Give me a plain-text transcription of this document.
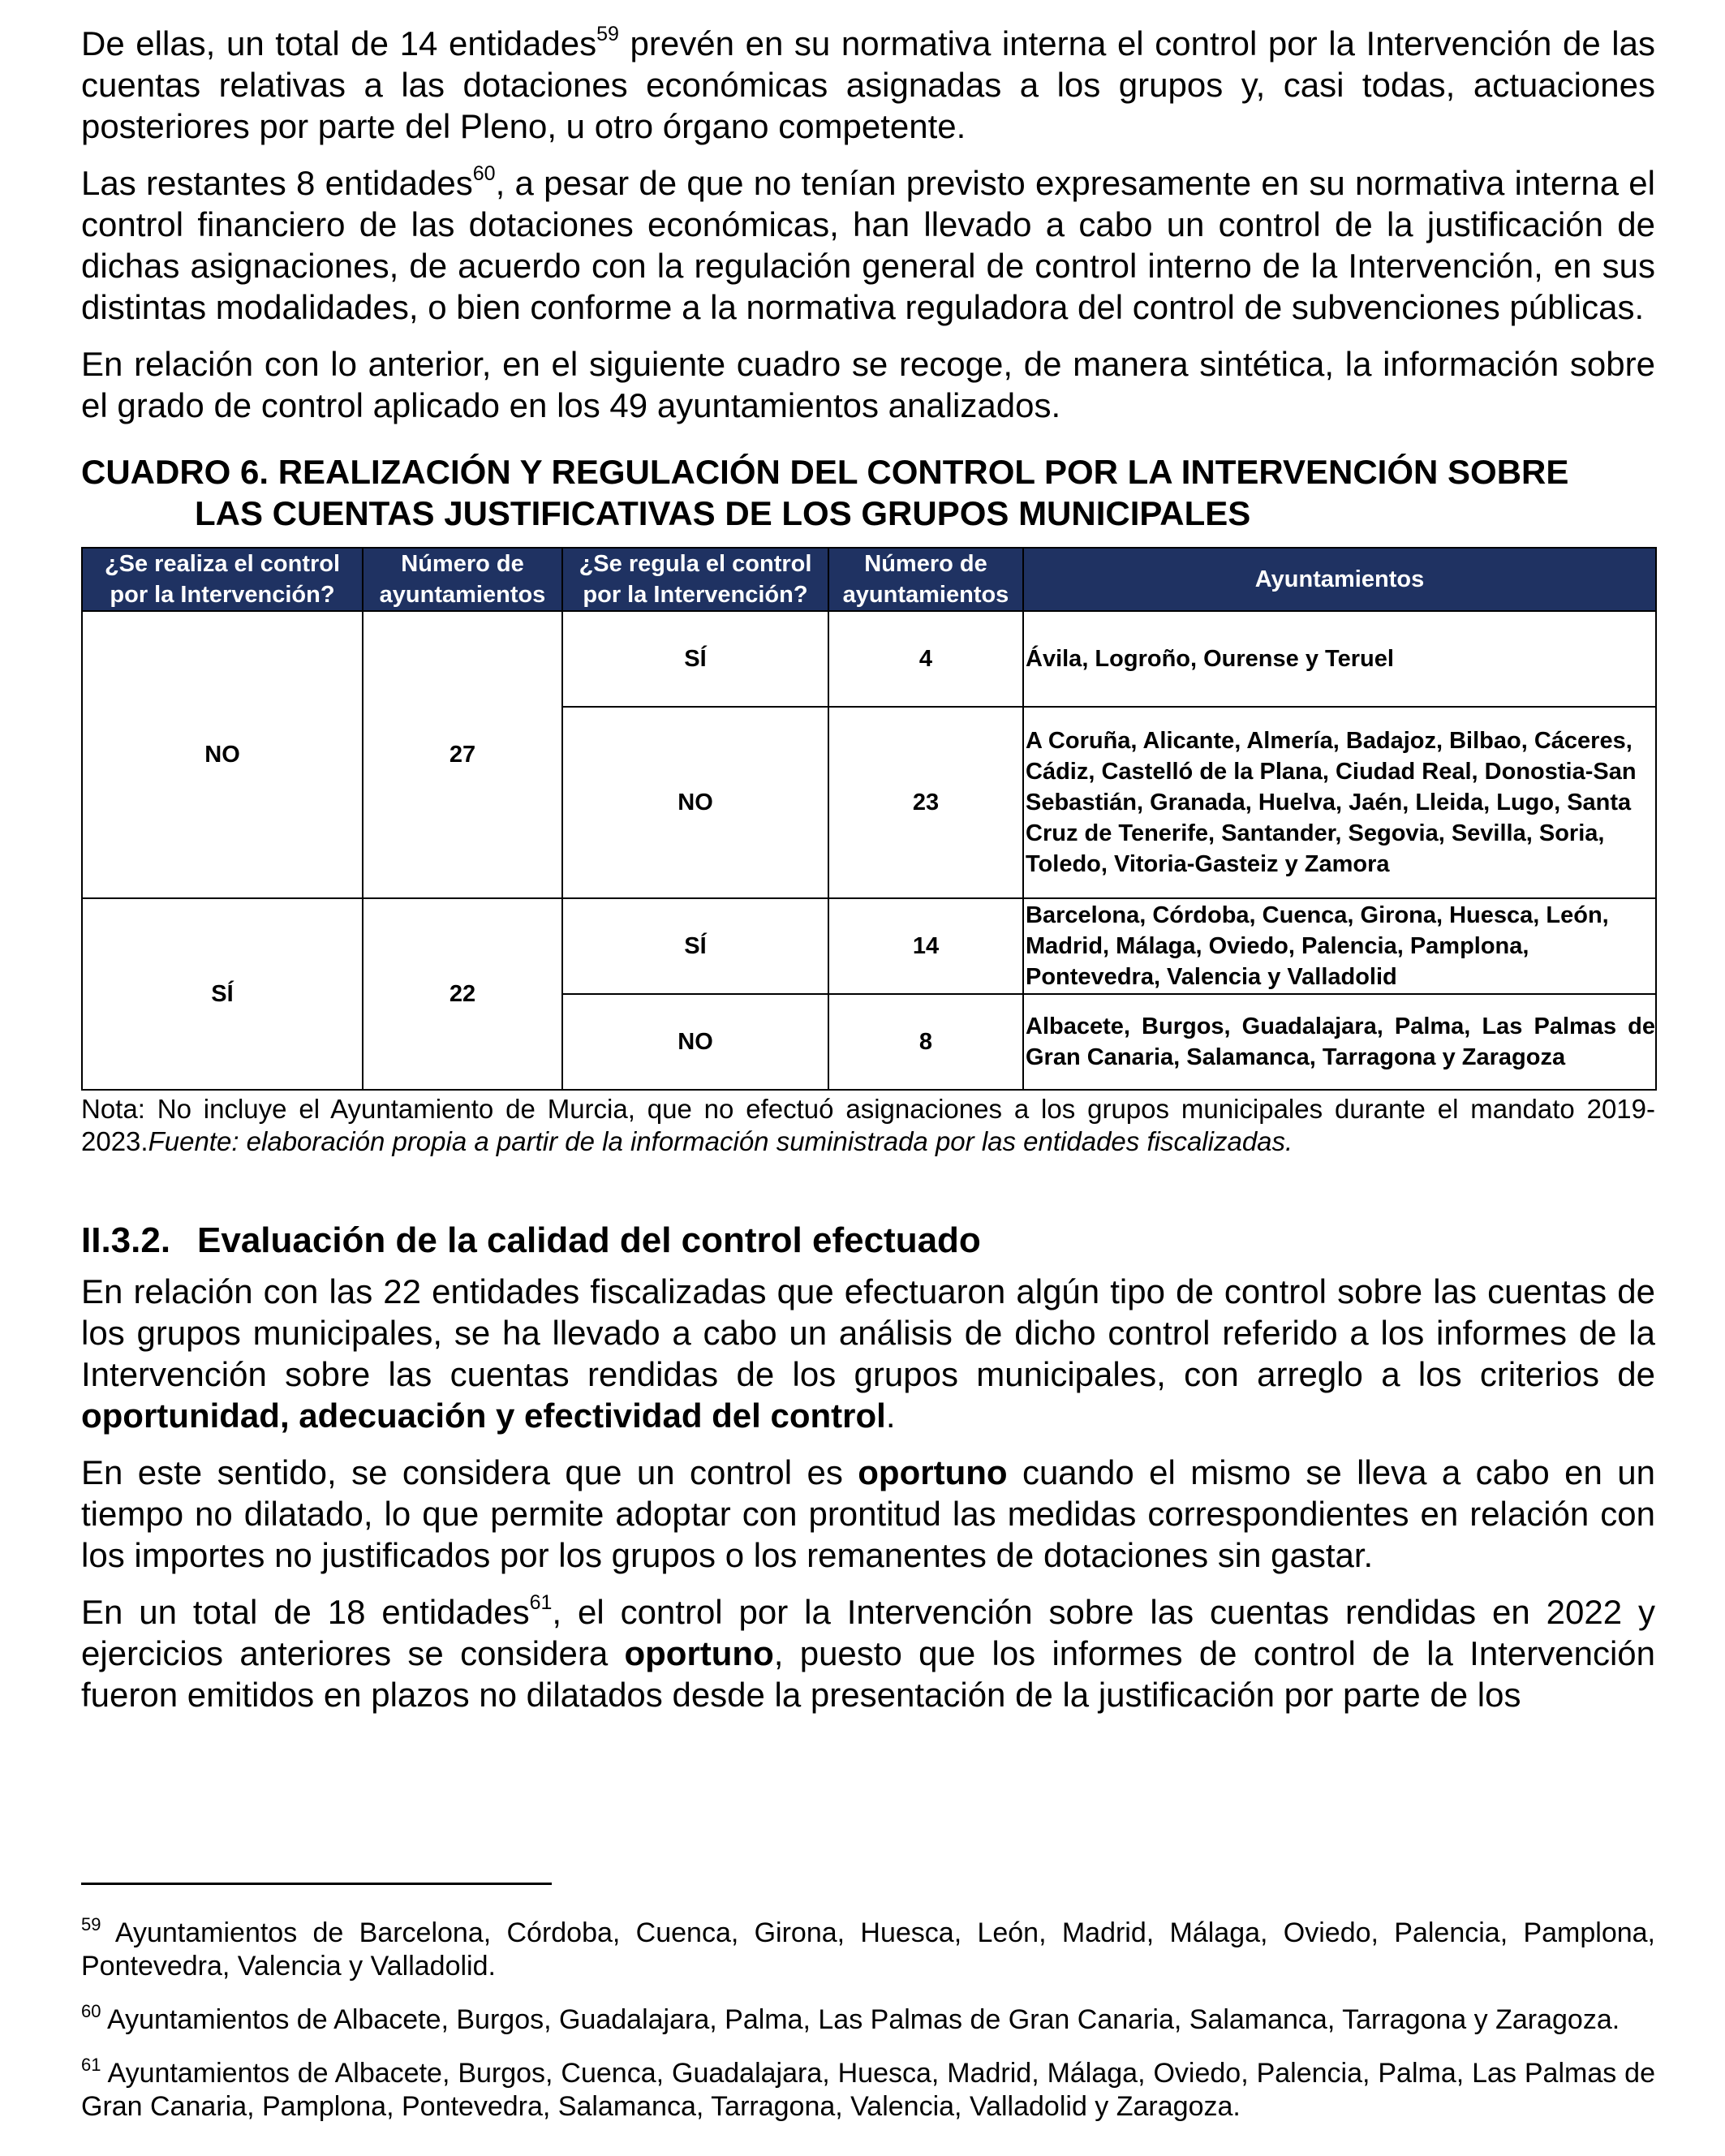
De ellas, un total de 14 entidades$^{59}$ prevén en su normativa interna el control por la Intervención de las cuentas relativas a las dotaciones económicas asignadas a los grupos y, casi todas, actuaciones posteriores por parte del Pleno, u otro órgano competente.

Las restantes 8 entidades$^{60}$, a pesar de que no tenían previsto expresamente en su normativa interna el control financiero de las dotaciones económicas, han llevado a cabo un control de la justificación de dichas asignaciones, de acuerdo con la regulación general de control interno de la Intervención, en sus distintas modalidades, o bien conforme a la normativa reguladora del control de subvenciones públicas.

En relación con lo anterior, en el siguiente cuadro se recoge, de manera sintética, la información sobre el grado de control aplicado en los 49 ayuntamientos analizados.

CUADRO 6. REALIZACIÓN Y REGULACIÓN DEL CONTROL POR LA INTERVENCIÓN SOBRE
LAS CUENTAS JUSTIFICATIVAS DE LOS GRUPOS MUNICIPALES
¿Se realiza el control por la Intervención?	Número de ayuntamientos	¿Se regula el control por la Intervención?	Número de ayuntamientos	Ayuntamientos
NO	27	SÍ	4	Ávila, Logroño, Ourense y Teruel
		NO	23	A Coruña, Alicante, Almería, Badajoz, Bilbao, Cáceres, Cádiz, Castelló de la Plana, Ciudad Real, Donostia-San Sebastián, Granada, Huelva, Jaén, Lleida, Lugo, Santa Cruz de Tenerife, Santander, Segovia, Sevilla, Soria, Toledo, Vitoria-Gasteiz y Zamora
SÍ	22	SÍ	14	Barcelona, Córdoba, Cuenca, Girona, Huesca, León, Madrid, Málaga, Oviedo, Palencia, Pamplona, Pontevedra, Valencia y Valladolid
		NO	8	Albacete, Burgos, Guadalajara, Palma, Las Palmas de Gran Canaria, Salamanca, Tarragona y Zaragoza
Nota: No incluye el Ayuntamiento de Murcia, que no efectuó asignaciones a los grupos municipales durante el mandato 2019-2023.Fuente: elaboración propia a partir de la información suministrada por las entidades fiscalizadas.
II.3.2. Evaluación de la calidad del control efectuado

En relación con las 22 entidades fiscalizadas que efectuaron algún tipo de control sobre las cuentas de los grupos municipales, se ha llevado a cabo un análisis de dicho control referido a los informes de la Intervención sobre las cuentas rendidas de los grupos municipales, con arreglo a los criterios de oportunidad, adecuación y efectividad del control.

En este sentido, se considera que un control es oportuno cuando el mismo se lleva a cabo en un tiempo no dilatado, lo que permite adoptar con prontitud las medidas correspondientes en relación con los importes no justificados por los grupos o los remanentes de dotaciones sin gastar.

En un total de 18 entidades$^{61}$, el control por la Intervención sobre las cuentas rendidas en 2022 y ejercicios anteriores se considera oportuno, puesto que los informes de control de la Intervención fueron emitidos en plazos no dilatados desde la presentación de la justificación por parte de los

$^{59}$ Ayuntamientos de Barcelona, Córdoba, Cuenca, Girona, Huesca, León, Madrid, Málaga, Oviedo, Palencia, Pamplona, Pontevedra, Valencia y Valladolid.

$^{60}$ Ayuntamientos de Albacete, Burgos, Guadalajara, Palma, Las Palmas de Gran Canaria, Salamanca, Tarragona y Zaragoza.

$^{61}$ Ayuntamientos de Albacete, Burgos, Cuenca, Guadalajara, Huesca, Madrid, Málaga, Oviedo, Palencia, Palma, Las Palmas de Gran Canaria, Pamplona, Pontevedra, Salamanca, Tarragona, Valencia, Valladolid y Zaragoza.
